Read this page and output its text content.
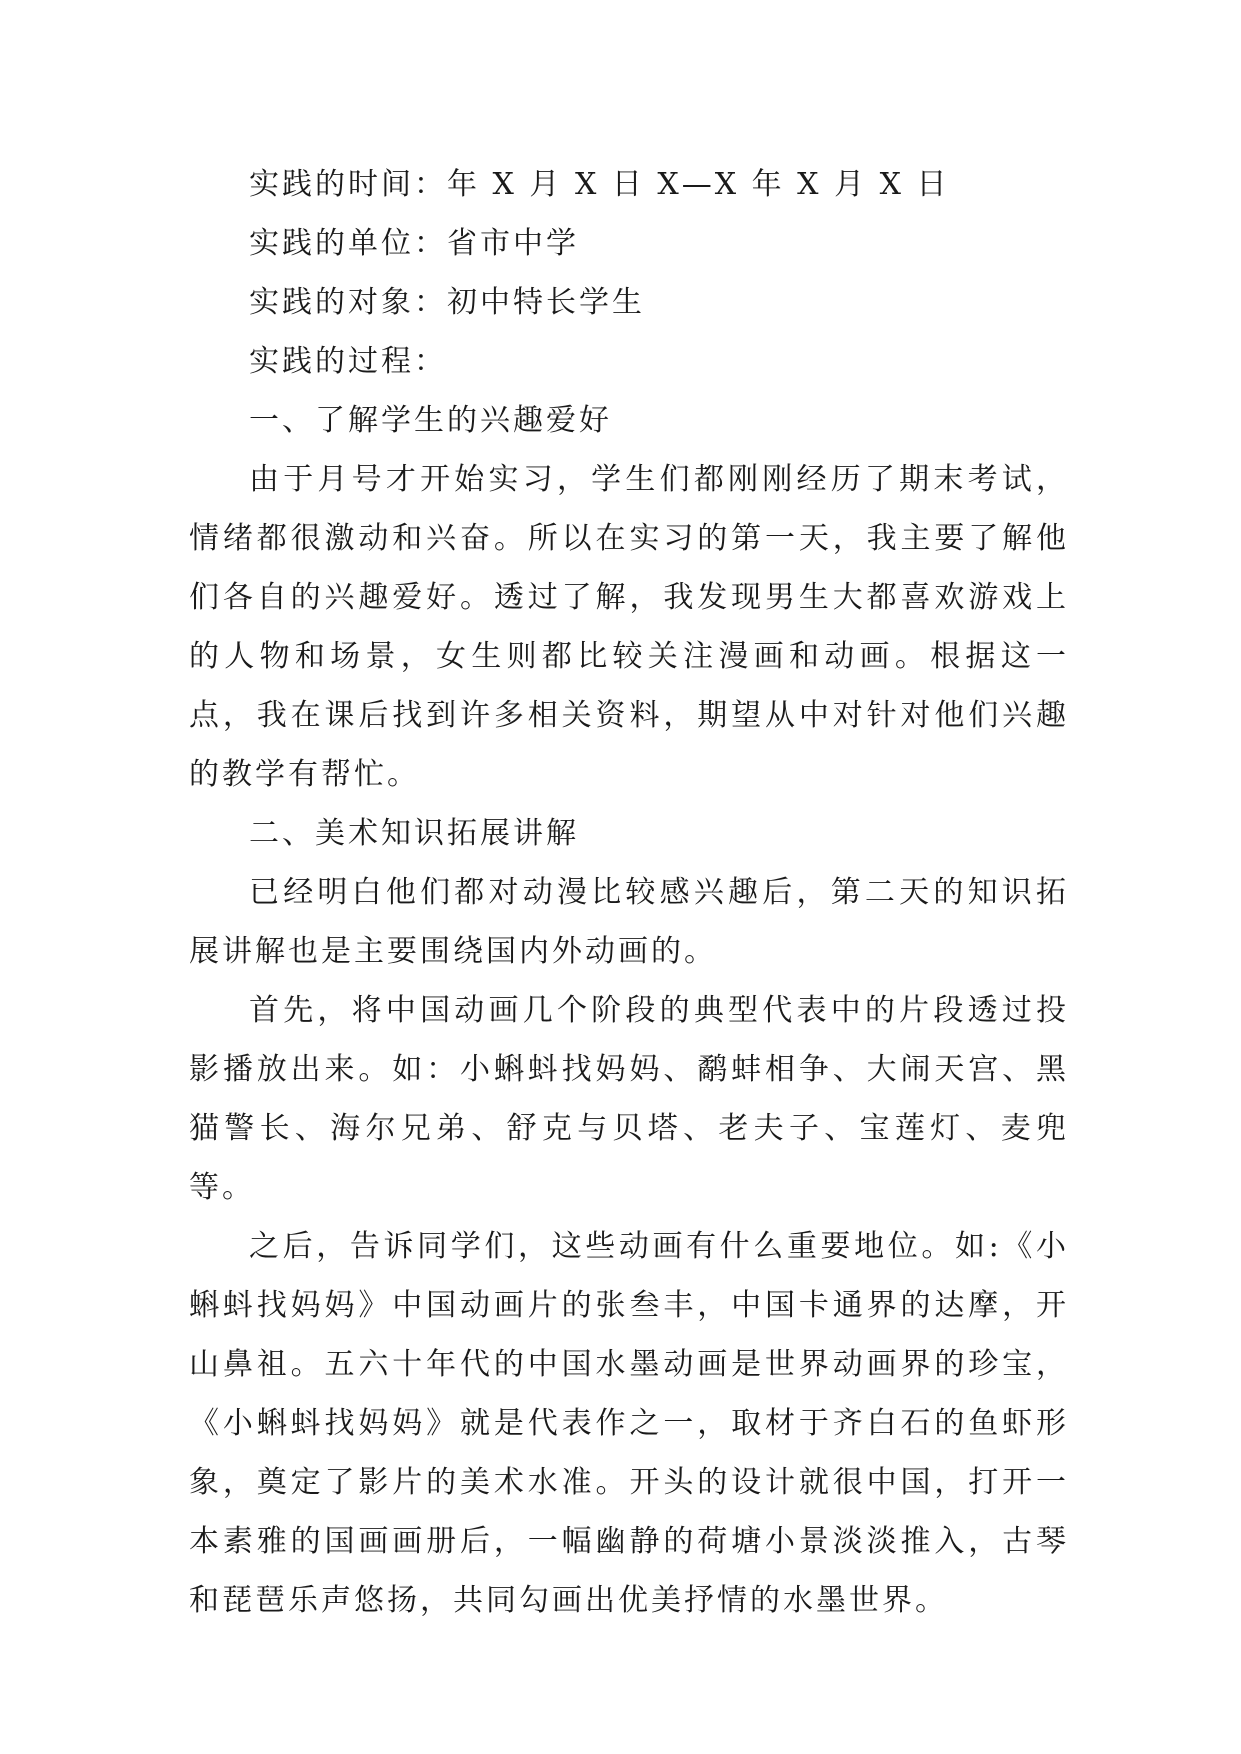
实践的时间：年 X 月 X 日 X—X 年 X 月 X 日

实践的单位：省市中学

实践的对象：初中特长学生

实践的过程：

一、了解学生的兴趣爱好

由于月号才开始实习，学生们都刚刚经历了期末考试，情绪都很激动和兴奋。所以在实习的第一天，我主要了解他们各自的兴趣爱好。透过了解，我发现男生大都喜欢游戏上的人物和场景，女生则都比较关注漫画和动画。根据这一点，我在课后找到许多相关资料，期望从中对针对他们兴趣的教学有帮忙。

二、美术知识拓展讲解

已经明白他们都对动漫比较感兴趣后，第二天的知识拓展讲解也是主要围绕国内外动画的。

首先，将中国动画几个阶段的典型代表中的片段透过投影播放出来。如：小蝌蚪找妈妈、鹬蚌相争、大闹天宫、黑猫警长、海尔兄弟、舒克与贝塔、老夫子、宝莲灯、麦兜等。

之后，告诉同学们，这些动画有什么重要地位。如:《小蝌蚪找妈妈》中国动画片的张叁丰，中国卡通界的达摩，开山鼻祖。五六十年代的中国水墨动画是世界动画界的珍宝，《小蝌蚪找妈妈》就是代表作之一，取材于齐白石的鱼虾形象，奠定了影片的美术水准。开头的设计就很中国，打开一本素雅的国画画册后，一幅幽静的荷塘小景淡淡推入，古琴和琵琶乐声悠扬，共同勾画出优美抒情的水墨世界。
